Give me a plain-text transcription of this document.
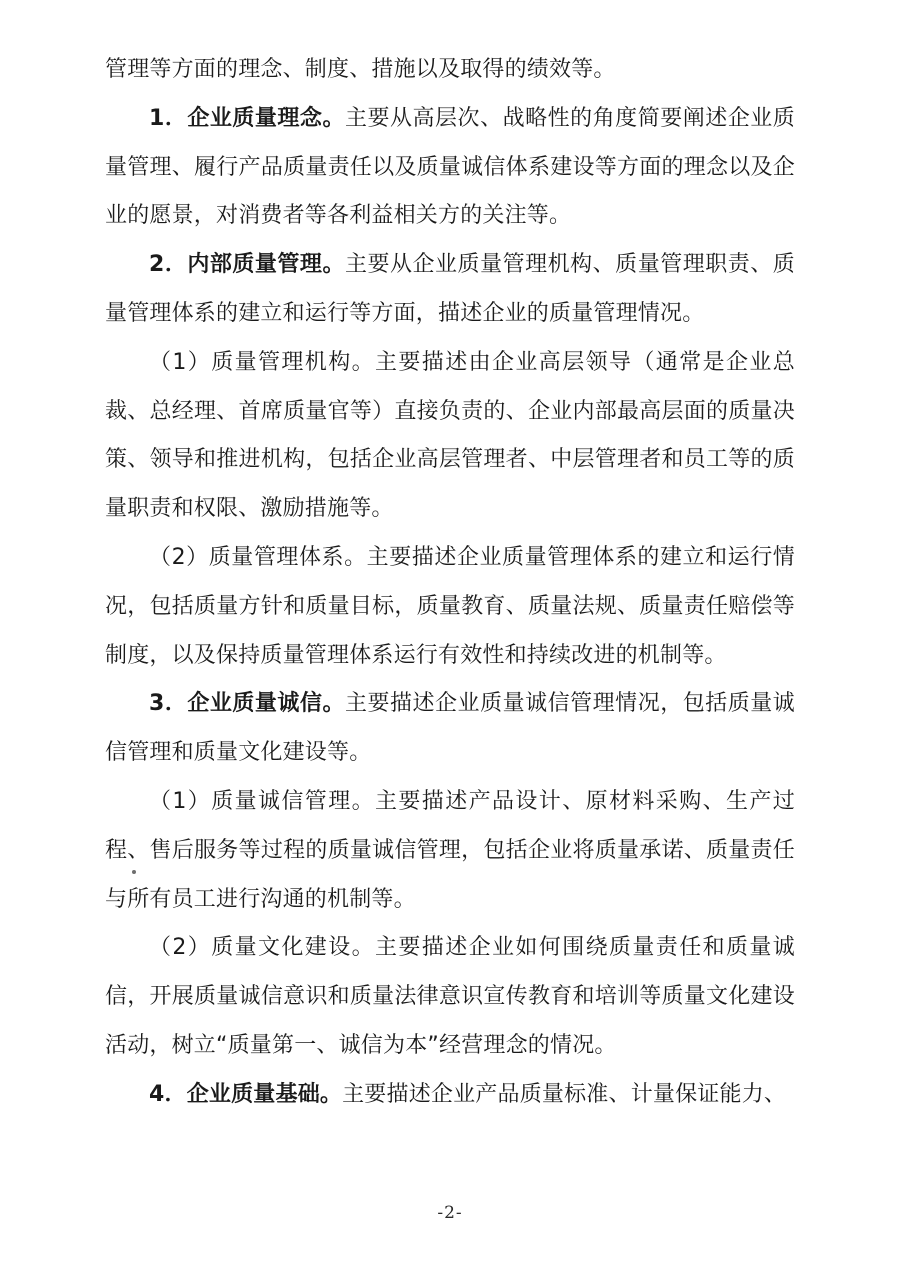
管理等方面的理念、制度、措施以及取得的绩效等。

1．企业质量理念。主要从高层次、战略性的角度简要阐述企业质量管理、履行产品质量责任以及质量诚信体系建设等方面的理念以及企业的愿景，对消费者等各利益相关方的关注等。

2．内部质量管理。主要从企业质量管理机构、质量管理职责、质量管理体系的建立和运行等方面，描述企业的质量管理情况。

（1）质量管理机构。主要描述由企业高层领导（通常是企业总裁、总经理、首席质量官等）直接负责的、企业内部最高层面的质量决策、领导和推进机构，包括企业高层管理者、中层管理者和员工等的质量职责和权限、激励措施等。

（2）质量管理体系。主要描述企业质量管理体系的建立和运行情况，包括质量方针和质量目标，质量教育、质量法规、质量责任赔偿等制度，以及保持质量管理体系运行有效性和持续改进的机制等。

3．企业质量诚信。主要描述企业质量诚信管理情况，包括质量诚信管理和质量文化建设等。

（1）质量诚信管理。主要描述产品设计、原材料采购、生产过程、售后服务等过程的质量诚信管理，包括企业将质量承诺、质量责任与所有员工进行沟通的机制等。

（2）质量文化建设。主要描述企业如何围绕质量责任和质量诚信，开展质量诚信意识和质量法律意识宣传教育和培训等质量文化建设活动，树立“质量第一、诚信为本”经营理念的情况。

4．企业质量基础。主要描述企业产品质量标准、计量保证能力、

-2-
